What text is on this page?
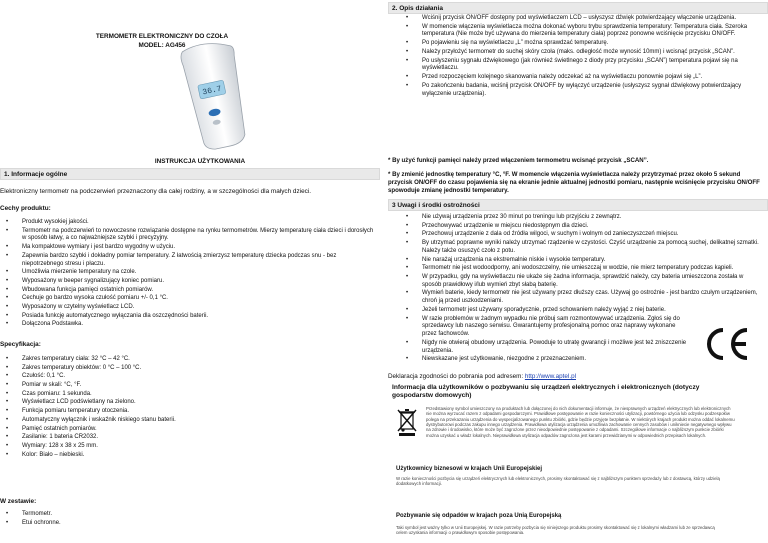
TERMOMETR ELEKTRONICZNY DO CZOŁA
MODEL: AG456
36.7
INSTRUKCJA UŻYTKOWANIA
1. Informacje ogólne
Elektroniczny termometr na podczerwień przeznaczony dla całej rodziny, a w szczególności dla małych dzieci.
Cechy produktu:
• Produkt wysokiej jakości.
• Termometr na podczerwień to nowoczesne rozwiązanie dostępne na rynku termometrów. Mierzy temperaturę ciała dzieci i dorosłych w sposób łatwy, a co najważniejsze szybki i precyzyjny.
• Ma kompaktowe wymiary i jest bardzo wygodny w użyciu.
• Zapewnia bardzo szybki i dokładny pomiar temperatury. Z łatwością zmierzysz temperaturę dziecka podczas snu - bez niepotrzebnego stresu i płaczu.
• Umożliwia mierzenie temperatury na czole.
• Wyposażony w beeper sygnalizujący koniec pomiaru.
• Wbudowana funkcja pamięci ostatnich pomiarów.
• Cechuje go bardzo wysoka czułość pomiaru +/- 0,1 °C.
• Wyposażony w czytelny wyświetlacz LCD.
• Posiada funkcję automatycznego wyłączania dla oszczędności baterii.
• Dołączona Podstawka.
Specyfikacja:
• Zakres temperatury ciała: 32 °C – 42 °C.
• Zakres temperatury obiektów: 0 °C – 100 °C.
• Czułość: 0,1 °C.
• Pomiar w skali: °C, °F.
• Czas pomiaru: 1 sekunda.
• Wyświetlacz LCD podświetlany na zielono.
• Funkcja pomiaru temperatury otoczenia.
• Automatyczny wyłącznik i wskaźnik niskiego stanu baterii.
• Pamięć ostatnich pomiarów.
• Zasilanie: 1 bateria CR2032.
• Wymiary: 128 x 38 x 25 mm.
• Kolor: Biało – niebieski.
W zestawie:
• Termometr.
• Etui ochronne.
2. Opis działania
• Wciśnij przycisk ON/OFF dostępny pod wyświetlaczem LCD – usłyszysz dźwięk potwierdzający włączenie urządzenia.
• W momencie włączenia wyświetlacza można dokonać wyboru trybu sprawdzenia temperatury: Temperatura ciała. Szeroka temperatura (Nie może być używana do mierzenia temperatury ciała) poprzez ponowne wciśnięcie przycisku ON/OFF.
• Po pojawieniu się na wyświetlaczu „L” można sprawdzać temperaturę.
• Należy przyłożyć termometr do suchej skóry czoła (maks. odległość może wynosić 10mm) i wcisnąć przycisk „SCAN”.
• Po usłyszeniu sygnału dźwiękowego (jak również świetlnego z diody przy przycisku „SCAN”) temperatura pojawi się na wyświetlaczu.
• Przed rozpoczęciem kolejnego skanowania należy odczekać aż na wyświetlaczu ponownie pojawi się „L”.
• Po zakończeniu badania, wciśnij przycisk ON/OFF by wyłączyć urządzenie (usłyszysz sygnał dźwiękowy potwierdzający wyłączenie urządzenia).
* By użyć funkcji pamięci należy przed włączeniem termometru wcisnąć przycisk „SCAN”.
* By zmienić jednostkę temperatury °C, °F. W momencie włączenia wyświetlacza należy przytrzymać przez około 5 sekund przycisk ON/OFF do czasu pojawienia się na ekranie jednie aktualnej jednostki pomiaru, następnie wciśnięcie przycisku ON/OFF spowoduje zmianę jednostki temperatury.
3 Uwagi i środki ostrożności
• Nie używaj urządzenia przez 30 minut po treningu lub przyjściu z zewnątrz.
• Przechowywać urządzenie w miejscu niedostępnym dla dzieci.
• Przechowuj urządzenie z dala od źródła wilgoci, w suchym i wolnym od zanieczyszczeń miejscu.
• By utrzymać poprawne wyniki należy utrzymać rządzenie w czystości. Czyść urządzenie za pomocą suchej, delikatnej szmatki. Należy także osuszyć czoło z potu.
• Nie narażaj urządzenia na ekstremalnie niskie i wysokie temperatury.
• Termometr nie jest wodoodporny, ani wodoszczelny, nie umieszczaj w wodzie, nie mierz temperatury podczas kąpieli.
• W przypadku, gdy na wyświetlaczu nie ukaże się żadna informacja, sprawdzić należy, czy bateria umieszczona została w sposób prawidłowy i/lub wymień zbyt słabą baterię.
• Wymień baterie, kiedy termometr nie jest używany przez dłuższy czas. Używaj go ostrożnie - jest bardzo czułym urządzeniem, chroń ją przed uszkodzeniami.
• Jeżeli termometr jest używany sporadycznie, przed schowaniem należy wyjąć z niej baterie.
• W razie problemów w żadnym wypadku nie próbuj sam rozmontowywać urządzenia. Zgłoś się do sprzedawcy lub naszego serwisu. Gwarantujemy profesjonalną pomoc oraz naprawy wykonane przez fachowców.
• Nigdy nie otwieraj obudowy urządzenia. Powoduje to utratę gwarancji i możliwe jest też zniszczenie urządzenia.
• Niewskazane jest użytkowanie, niezgodne z przeznaczeniem.
Deklaracja zgodności do pobrania pod adresem: http://www.aptel.pl
Informacja dla użytkowników o pozbywaniu się urządzeń elektrycznych i elektronicznych (dotyczy gospodarstw domowych)
Przedstawiony symbol umieszczony na produktach lub dołączonej do nich dokumentacji informuje, że niesprawnych urządzeń elektrycznych lub elektronicznych nie można wyrzucać razem z odpadami gospodarczymi. Prawidłowe postępowanie w razie konieczności utylizacji, powtórnego użycia lub odzysku podzespołów polega na przekazaniu urządzenia do wyspecjalizowanego punktu zbiórki, gdzie będzie przyjęte bezpłatnie. W niektórych krajach produkt można oddać lokalnemu dystrybutorowi podczas zakupu innego urządzenia. Prawidłowa utylizacja urządzenia umożliwia zachowanie cennych zasobów i unikniecie negatywnego wpływu na zdrowie i środowisko, które może być zagrożone przez nieodpowiednie postępowanie z odpadami. Szczegółowe informacje o najbliższym punkcie zbiórki można uzyskać u władz lokalnych. Nieprawidłowa utylizacja odpadów zagrożona jest karami przewidzianymi w odpowiednich przepisach lokalnych.
Użytkownicy biznesowi w krajach Unii Europejskiej
W razie konieczności pozbycia się urządzeń elektrycznych lub elektronicznych, prosimy skontaktować się z najbliższym punktem sprzedaży lub z dostawcą, którzy udzielą dodatkowych informacji.
Pozbywanie się odpadów w krajach poza Unią Europejską
Taki symbol jest ważny tylko w Unii Europejskej. W razie potrzeby pozbycia się niniejszego produktu prosimy skontaktować się z lokalnymi władzami lub ze sprzedawcą celem uzyskania informacji o prawidłowym sposobie postępowania.
